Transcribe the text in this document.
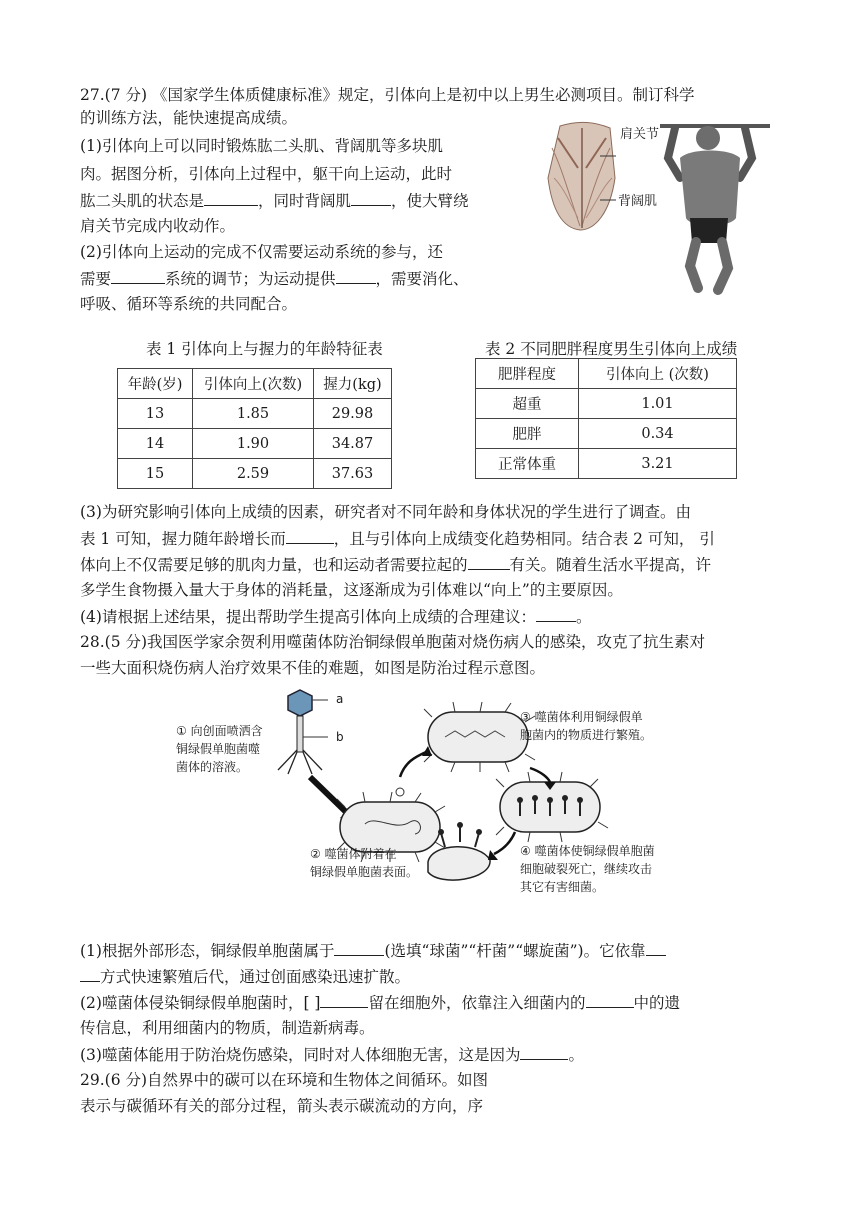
27.(7 分) 《国家学生体质健康标准》规定，引体向上是初中以上男生必测项目。制订科学
的训练方法，能快速提高成绩。
(1)引体向上可以同时锻炼肱二头肌、背阔肌等多块肌
肉。据图分析，引体向上过程中，躯干向上运动，此时
肱二头肌的状态是	，同时背阔肌	，使大臂绕
肩关节完成内收动作。
(2)引体向上运动的完成不仅需要运动系统的参与，还
需要	系统的调节；为运动提供	，需要消化、
呼吸、循环等系统的共同配合。
肩关节
背阔肌
表 1 引体向上与握力的年龄特征表	表 2 不同肥胖程度男生引体向上成绩
年龄(岁)	引体向上(次数)	握力(kg)
13	1.85	29.98
14	1.90	34.87
15	2.59	37.63
肥胖程度	引体向上 (次数)
超重	1.01
肥胖	0.34
正常体重	3.21
(3)为研究影响引体向上成绩的因素，研究者对不同年龄和身体状况的学生进行了调查。由
表 1 可知，握力随年龄增长而	，且与引体向上成绩变化趋势相同。结合表 2 可知， 引
体向上不仅需要足够的肌肉力量，也和运动者需要拉起的	有关。随着生活水平提高，许
多学生食物摄入量大于身体的消耗量，这逐渐成为引体难以“向上”的主要原因。
(4)请根据上述结果，提出帮助学生提高引体向上成绩的合理建议：	。
28.(5 分)我国医学家余贺利用噬菌体防治铜绿假单胞菌对烧伤病人的感染，攻克了抗生素对
一些大面积烧伤病人治疗效果不佳的难题，如图是防治过程示意图。
a
b
① 向创面喷洒含
铜绿假单胞菌噬
菌体的溶液。
② 噬菌体附着在
铜绿假单胞菌表面。
③ 噬菌体利用铜绿假单
胞菌内的物质进行繁殖。
④ 噬菌体使铜绿假单胞菌
细胞破裂死亡，继续攻击
其它有害细菌。
(1)根据外部形态，铜绿假单胞菌属于	(选填“球菌”“杆菌”“螺旋菌”)。它依靠
方式快速繁殖后代，通过创面感染迅速扩散。
(2)噬菌体侵染铜绿假单胞菌时，[ ]	留在细胞外，依靠注入细菌内的	中的遗
传信息，利用细菌内的物质，制造新病毒。
(3)噬菌体能用于防治烧伤感染，同时对人体细胞无害，这是因为	。
29.(6 分)自然界中的碳可以在环境和生物体之间循环。如图
表示与碳循环有关的部分过程，箭头表示碳流动的方向，序
